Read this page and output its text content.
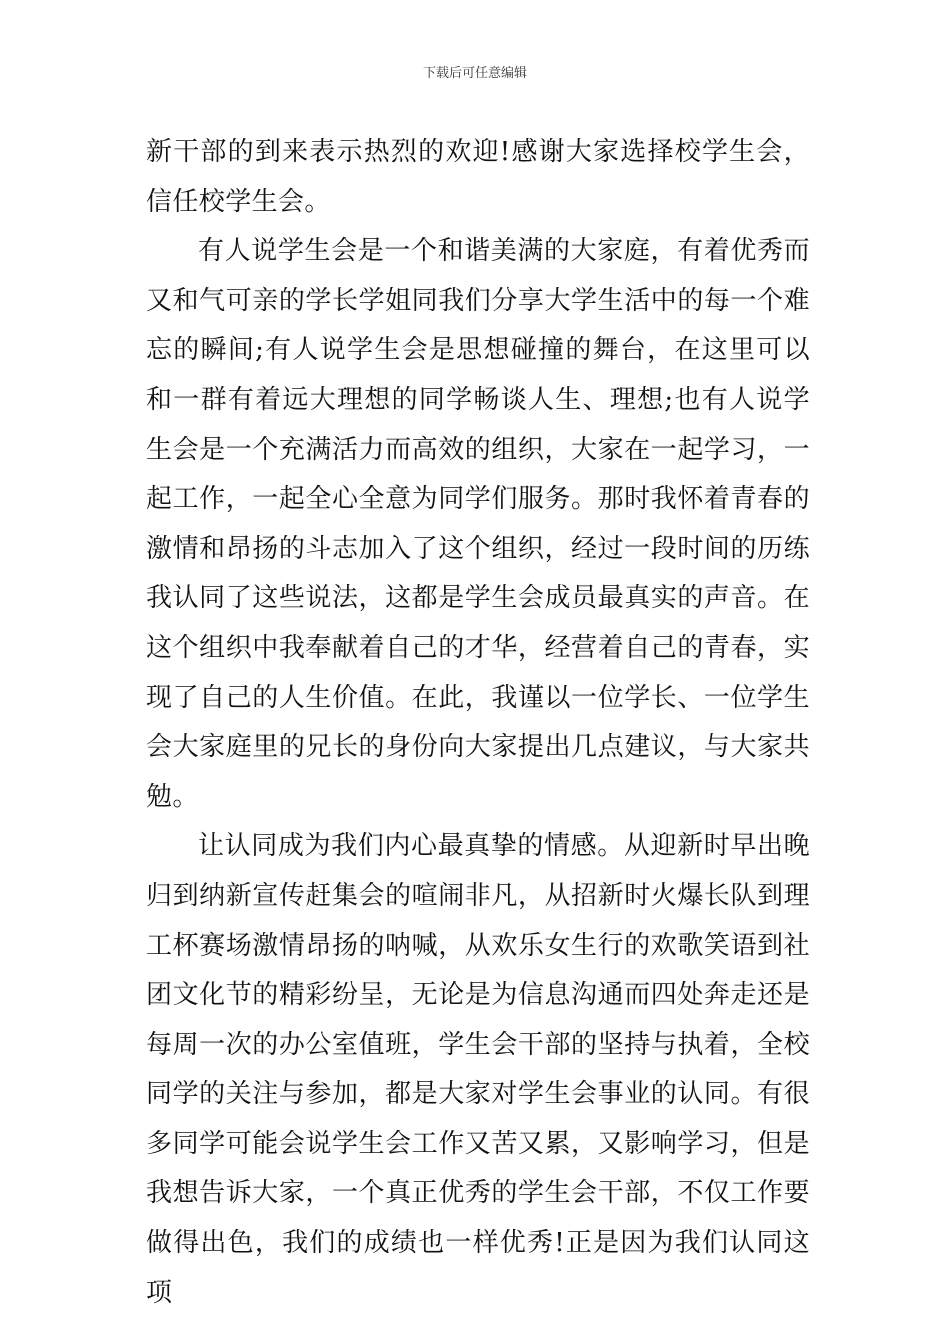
下载后可任意编辑

新干部的到来表示热烈的欢迎!感谢大家选择校学生会，信任校学生会。

有人说学生会是一个和谐美满的大家庭，有着优秀而又和气可亲的学长学姐同我们分享大学生活中的每一个难忘的瞬间;有人说学生会是思想碰撞的舞台，在这里可以和一群有着远大理想的同学畅谈人生、理想;也有人说学生会是一个充满活力而高效的组织，大家在一起学习，一起工作，一起全心全意为同学们服务。那时我怀着青春的激情和昂扬的斗志加入了这个组织，经过一段时间的历练我认同了这些说法，这都是学生会成员最真实的声音。在这个组织中我奉献着自己的才华，经营着自己的青春，实现了自己的人生价值。在此，我谨以一位学长、一位学生会大家庭里的兄长的身份向大家提出几点建议，与大家共勉。

让认同成为我们内心最真挚的情感。从迎新时早出晚归到纳新宣传赶集会的喧闹非凡，从招新时火爆长队到理工杯赛场激情昂扬的呐喊，从欢乐女生行的欢歌笑语到社团文化节的精彩纷呈，无论是为信息沟通而四处奔走还是每周一次的办公室值班，学生会干部的坚持与执着，全校同学的关注与参加，都是大家对学生会事业的认同。有很多同学可能会说学生会工作又苦又累，又影响学习，但是我想告诉大家，一个真正优秀的学生会干部，不仅工作要做得出色，我们的成绩也一样优秀!正是因为我们认同这项
